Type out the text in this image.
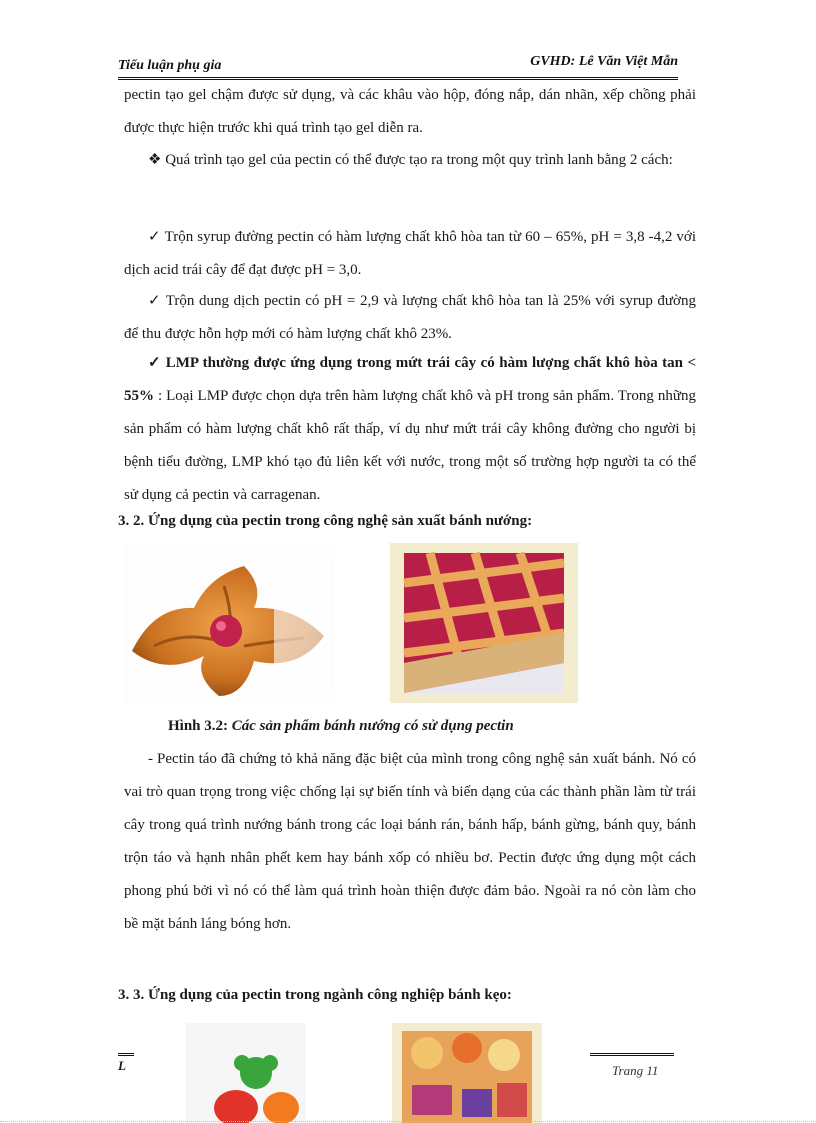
Tiểu luận phụ gia	GVHD: Lê Văn Việt Mẫn

pectin tạo gel chậm được sử dụng, và các khâu vào hộp, đóng nắp, dán nhãn, xếp chồng phải được thực hiện trước khi quá trình tạo gel diễn ra.

❖ Quá trình tạo gel của pectin có thể được tạo ra trong một quy trình lanh bằng 2 cách:

✓ Trộn syrup đường pectin có hàm lượng chất khô hòa tan từ 60 – 65%, pH = 3,8 -4,2 với dịch acid trái cây để đạt được pH = 3,0.

✓ Trộn dung dịch pectin có pH = 2,9 và lượng chất khô hòa tan là 25% với syrup đường để thu được hỗn hợp mới có hàm lượng chất khô 23%.

✓ LMP thường được ứng dụng trong mứt trái cây có hàm lượng chất khô hòa tan < 55% : Loại LMP được chọn dựa trên hàm lượng chất khô và pH trong sản phẩm. Trong những sản phẩm có hàm lượng chất khô rất thấp, ví dụ như mứt trái cây không đường cho người bị bệnh tiểu đường, LMP khó tạo đủ liên kết với nước, trong một số trường hợp người ta có thể sử dụng cả pectin và carragenan.

3. 2. Ứng dụng của pectin trong công nghệ sản xuất bánh nướng:

Hình 3.2: Các sản phẩm bánh nướng có sử dụng pectin

- Pectin táo đã chứng tỏ khả năng đặc biệt của mình trong công nghệ sản xuất bánh. Nó có vai trò quan trọng trong việc chống lại sự biến tính và biến dạng của các thành phần làm từ trái cây trong quá trình nướng bánh trong các loại bánh rán, bánh hấp, bánh gừng, bánh quy, bánh trộn táo và hạnh nhân phết kem hay bánh xốp có nhiều bơ. Pectin được ứng dụng một cách phong phú bởi vì nó có thể làm quá trình hoàn thiện được đảm bảo. Ngoài ra nó còn làm cho bề mặt bánh láng bóng hơn.

3. 3. Ứng dụng của pectin trong ngành công nghiệp bánh kẹo:
L	Trang 11
